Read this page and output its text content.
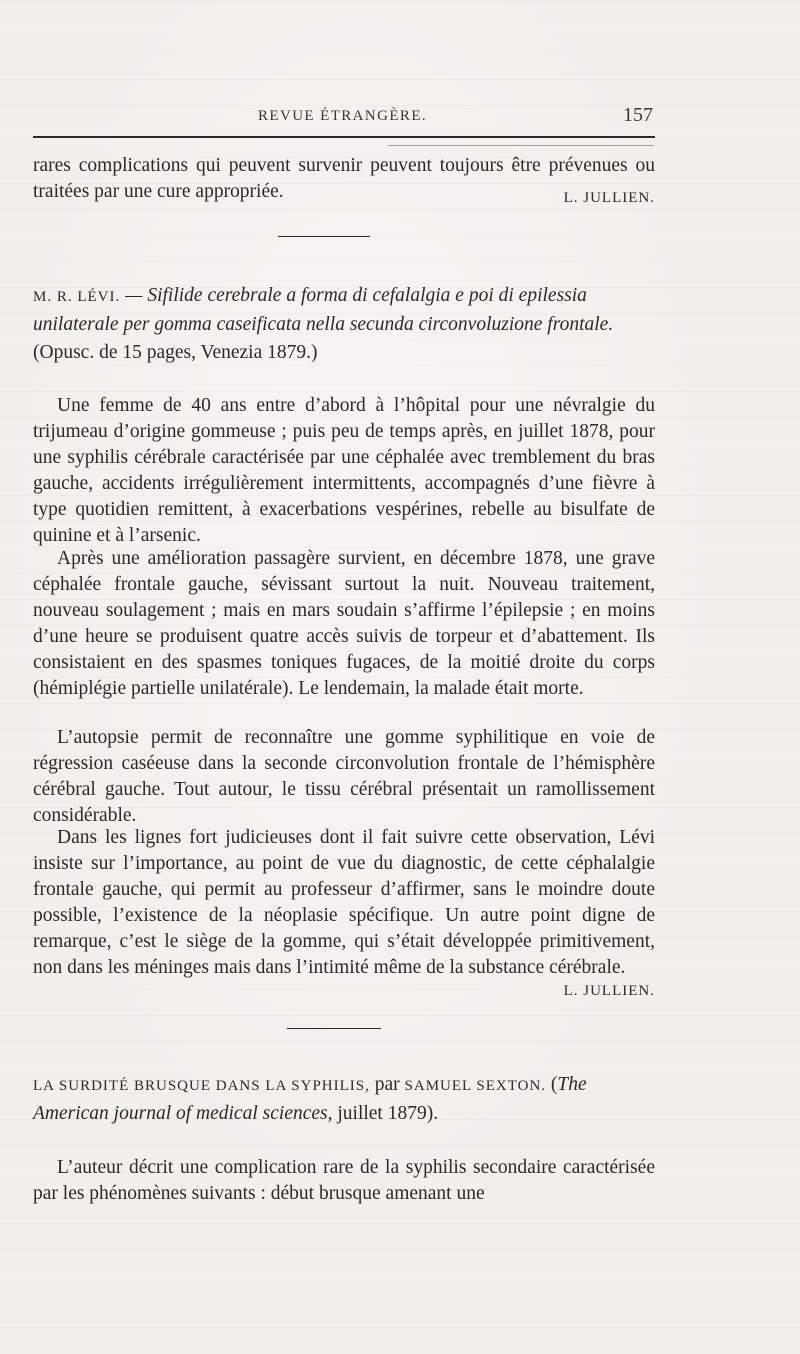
REVUE ÉTRANGÈRE.	157
rares complications qui peuvent survenir peuvent toujours être prévenues ou traitées par une cure appropriée.	L. JULLIEN.
M. R. LÉVI. — Sifilide cerebrale a forma di cefalalgia e poi di epilessia unilaterale per gomma caseificata nella secunda circonvoluzione frontale. (Opusc. de 15 pages, Venezia 1879.)
Une femme de 40 ans entre d’abord à l’hôpital pour une névralgie du trijumeau d’origine gommeuse ; puis peu de temps après, en juillet 1878, pour une syphilis cérébrale caractérisée par une céphalée avec tremblement du bras gauche, accidents irrégulièrement intermittents, accompagnés d’une fièvre à type quotidien remittent, à exacerbations vespérines, rebelle au bisulfate de quinine et à l’arsenic.
Après une amélioration passagère survient, en décembre 1878, une grave céphalée frontale gauche, sévissant surtout la nuit. Nouveau traitement, nouveau soulagement ; mais en mars soudain s’affirme l’épilepsie ; en moins d’une heure se produisent quatre accès suivis de torpeur et d’abattement. Ils consistaient en des spasmes toniques fugaces, de la moitié droite du corps (hémiplégie partielle unilatérale). Le lendemain, la malade était morte.
L’autopsie permit de reconnaître une gomme syphilitique en voie de régression caséeuse dans la seconde circonvolution frontale de l’hémisphère cérébral gauche. Tout autour, le tissu cérébral présentait un ramollissement considérable.
Dans les lignes fort judicieuses dont il fait suivre cette observation, Lévi insiste sur l’importance, au point de vue du diagnostic, de cette céphalalgie frontale gauche, qui permit au professeur d’affirmer, sans le moindre doute possible, l’existence de la néoplasie spécifique. Un autre point digne de remarque, c’est le siège de la gomme, qui s’était développée primitivement, non dans les méninges mais dans l’intimité même de la substance cérébrale.
L. JULLIEN.
LA SURDITÉ BRUSQUE DANS LA SYPHILIS, par SAMUEL SEXTON. (The American journal of medical sciences, juillet 1879).
L’auteur décrit une complication rare de la syphilis secondaire caractérisée par les phénomènes suivants : début brusque amenant une
